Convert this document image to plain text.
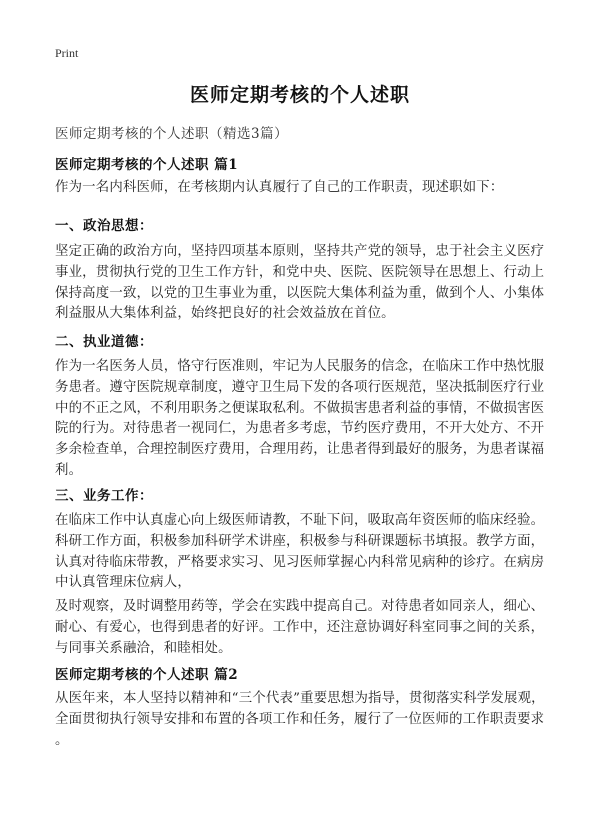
Print
医师定期考核的个人述职
医师定期考核的个人述职（精选3篇）
医师定期考核的个人述职 篇1
作为一名内科医师，在考核期内认真履行了自己的工作职责，现述职如下：
一、政治思想：
坚定正确的政治方向，坚持四项基本原则，坚持共产党的领导，忠于社会主义医疗
事业，贯彻执行党的卫生工作方针，和党中央、医院、医院领导在思想上、行动上
保持高度一致，以党的卫生事业为重，以医院大集体利益为重，做到个人、小集体
利益服从大集体利益，始终把良好的社会效益放在首位。
二、执业道德：
作为一名医务人员，恪守行医准则，牢记为人民服务的信念，在临床工作中热忱服
务患者。遵守医院规章制度，遵守卫生局下发的各项行医规范，坚决抵制医疗行业
中的不正之风，不利用职务之便谋取私利。不做损害患者利益的事情，不做损害医
院的行为。对待患者一视同仁，为患者多考虑，节约医疗费用，不开大处方、不开
多余检查单，合理控制医疗费用，合理用药，让患者得到最好的服务，为患者谋福
利。
三、业务工作：
在临床工作中认真虚心向上级医师请教，不耻下问，吸取高年资医师的临床经验。
科研工作方面，积极参加科研学术讲座，积极参与科研课题标书填报。教学方面，
认真对待临床带教，严格要求实习、见习医师掌握心内科常见病种的诊疗。在病房
中认真管理床位病人，
及时观察，及时调整用药等，学会在实践中提高自己。对待患者如同亲人，细心、
耐心、有爱心，也得到患者的好评。工作中，还注意协调好科室同事之间的关系，
与同事关系融洽，和睦相处。
医师定期考核的个人述职 篇2
从医年来，本人坚持以精神和“三个代表”重要思想为指导，贯彻落实科学发展观，
全面贯彻执行领导安排和布置的各项工作和任务，履行了一位医师的工作职责要求
。
